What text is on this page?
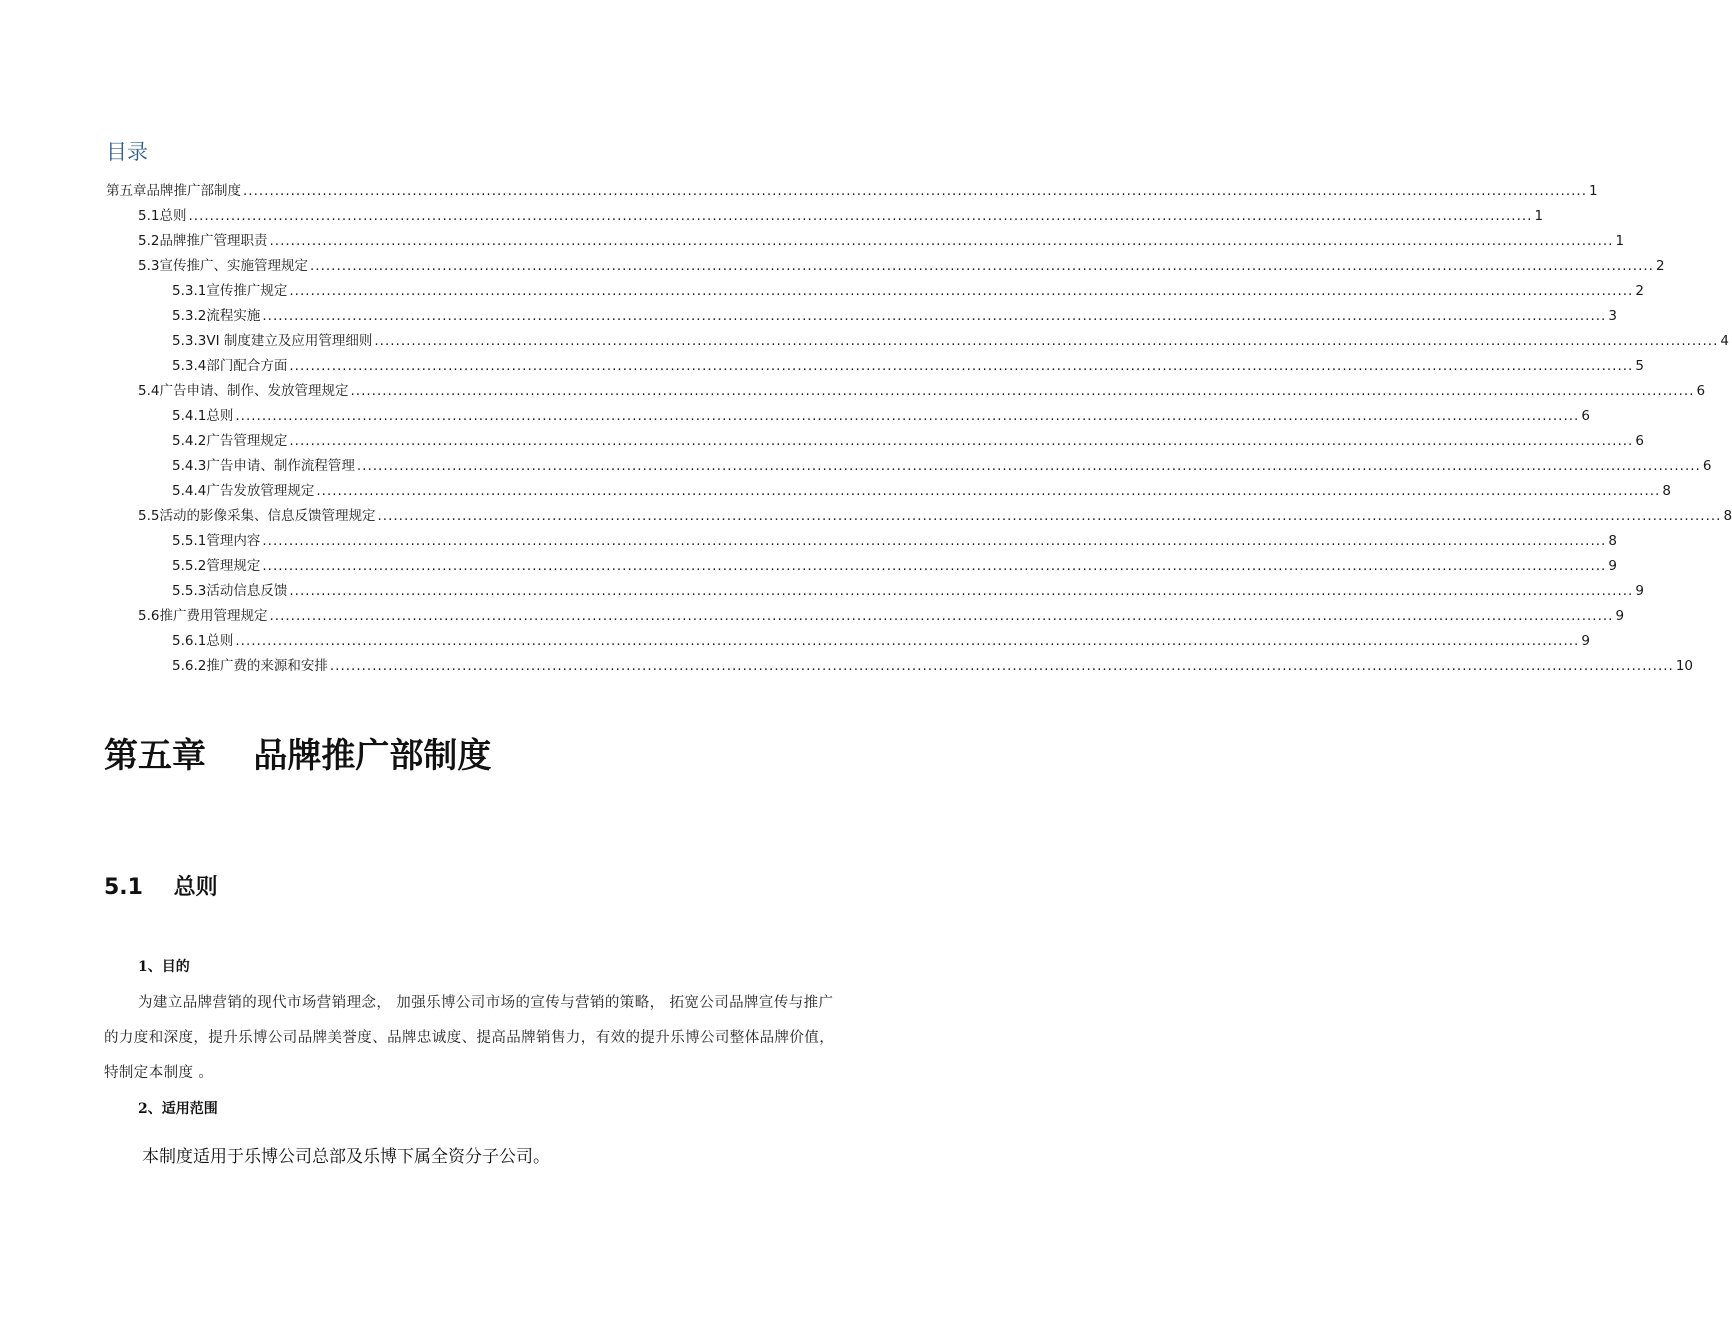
目录
第五章 品牌推广部制度 .............................................................................................................................................................................................................................................................. 1
5.1 总则 .............................................................................................................................................................................................................................................................. 1
5.2 品牌推广管理职责 .............................................................................................................................................................................................................................................................. 1
5.3 宣传推广、实施管理规定 .............................................................................................................................................................................................................................................................. 2
5.3.1 宣传推广规定 .............................................................................................................................................................................................................................................................. 2
5.3.2 流程实施 .............................................................................................................................................................................................................................................................. 3
5.3.3 VI 制度建立及应用管理细则 .............................................................................................................................................................................................................................................................. 4
5.3.4 部门配合方面 .............................................................................................................................................................................................................................................................. 5
5.4 广告申请、制作、发放管理规定 .............................................................................................................................................................................................................................................................. 6
5.4.1 总则 .............................................................................................................................................................................................................................................................. 6
5.4.2 广告管理规定 .............................................................................................................................................................................................................................................................. 6
5.4.3 广告申请、制作流程管理 .............................................................................................................................................................................................................................................................. 6
5.4.4 广告发放管理规定 .............................................................................................................................................................................................................................................................. 8
5.5 活动的影像采集、信息反馈管理规定 .............................................................................................................................................................................................................................................................. 8
5.5.1 管理内容 .............................................................................................................................................................................................................................................................. 8
5.5.2 管理规定 .............................................................................................................................................................................................................................................................. 9
5.5.3 活动信息反馈 .............................................................................................................................................................................................................................................................. 9
5.6 推广费用管理规定 .............................................................................................................................................................................................................................................................. 9
5.6.1 总则 .............................................................................................................................................................................................................................................................. 9
5.6.2 推广费的来源和安排 .............................................................................................................................................................................................................................................................. 10
第五章    品牌推广部制度
5.1    总则
1、目的
为建立品牌营销的现代市场营销理念， 加强乐博公司市场的宣传与营销的策略， 拓宽公司品牌宣传与推广的力度和深度，提升乐博公司品牌美誉度、品牌忠诚度、提高品牌销售力，有效的提升乐博公司整体品牌价值，特制定本制度 。
2、适用范围
本制度适用于乐博公司总部及乐博下属全资分子公司。
